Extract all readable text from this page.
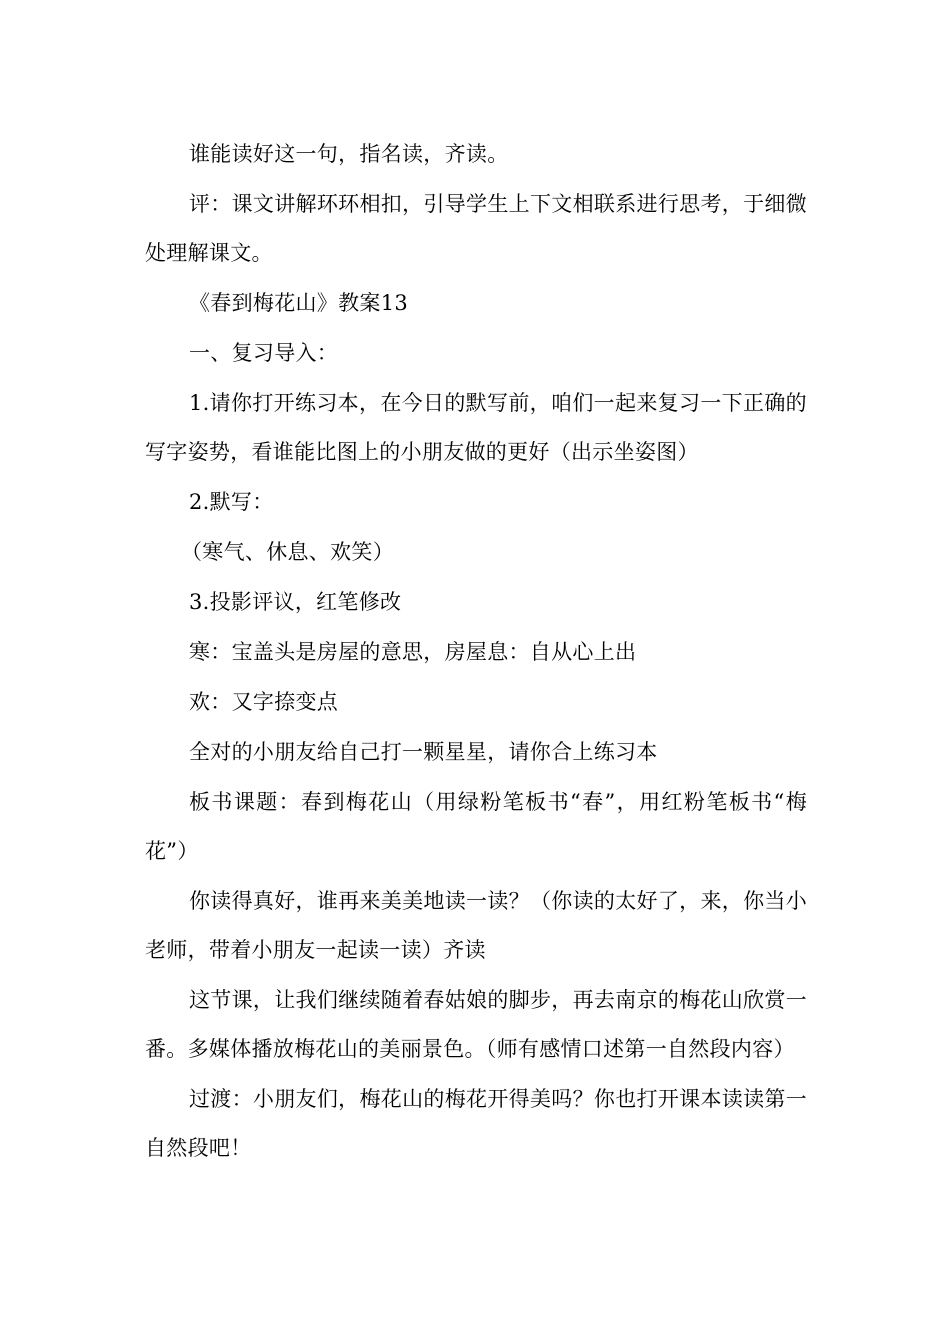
谁能读好这一句，指名读，齐读。

评：课文讲解环环相扣，引导学生上下文相联系进行思考，于细微处理解课文。

《春到梅花山》教案13

一、复习导入：

1.请你打开练习本，在今日的默写前，咱们一起来复习一下正确的写字姿势，看谁能比图上的小朋友做的更好（出示坐姿图）

2.默写：

（寒气、休息、欢笑）

3.投影评议，红笔修改

寒：宝盖头是房屋的意思，房屋息：自从心上出

欢：又字捺变点

全对的小朋友给自己打一颗星星，请你合上练习本

板书课题：春到梅花山（用绿粉笔板书“春”，用红粉笔板书“梅花”）

你读得真好，谁再来美美地读一读？（你读的太好了，来，你当小老师，带着小朋友一起读一读）齐读

这节课，让我们继续随着春姑娘的脚步，再去南京的梅花山欣赏一番。多媒体播放梅花山的美丽景色。（师有感情口述第一自然段内容）

过渡：小朋友们，梅花山的梅花开得美吗？你也打开课本读读第一自然段吧！
